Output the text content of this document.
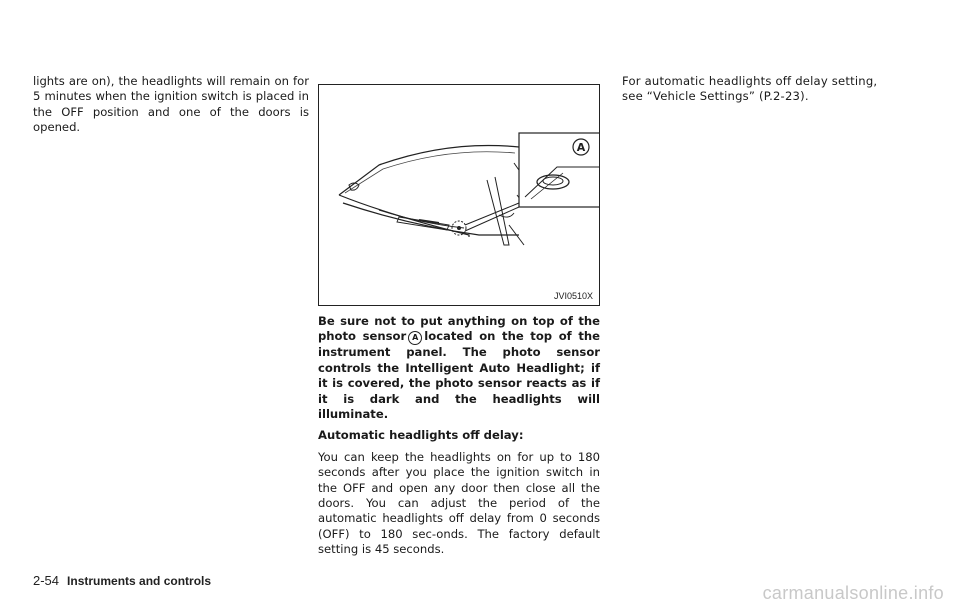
lights are on), the headlights will remain on for 5 minutes when the ignition switch is placed in the OFF position and one of the doors is opened.

A
JVI0510X

Be sure not to put anything on top of the photo sensor A located on the top of the instrument panel. The photo sensor controls the Intelligent Auto Headlight; if it is covered, the photo sensor reacts as if it is dark and the headlights will illuminate.

Automatic headlights off delay:

You can keep the headlights on for up to 180 seconds after you place the ignition switch in the OFF and open any door then close all the doors. You can adjust the period of the automatic headlights off delay from 0 seconds (OFF) to 180 sec-onds. The factory default setting is 45 seconds.

For automatic headlights off delay setting, see “Vehicle Settings” (P.2-23).

2-54 Instruments and controls
carmanualsonline.info
